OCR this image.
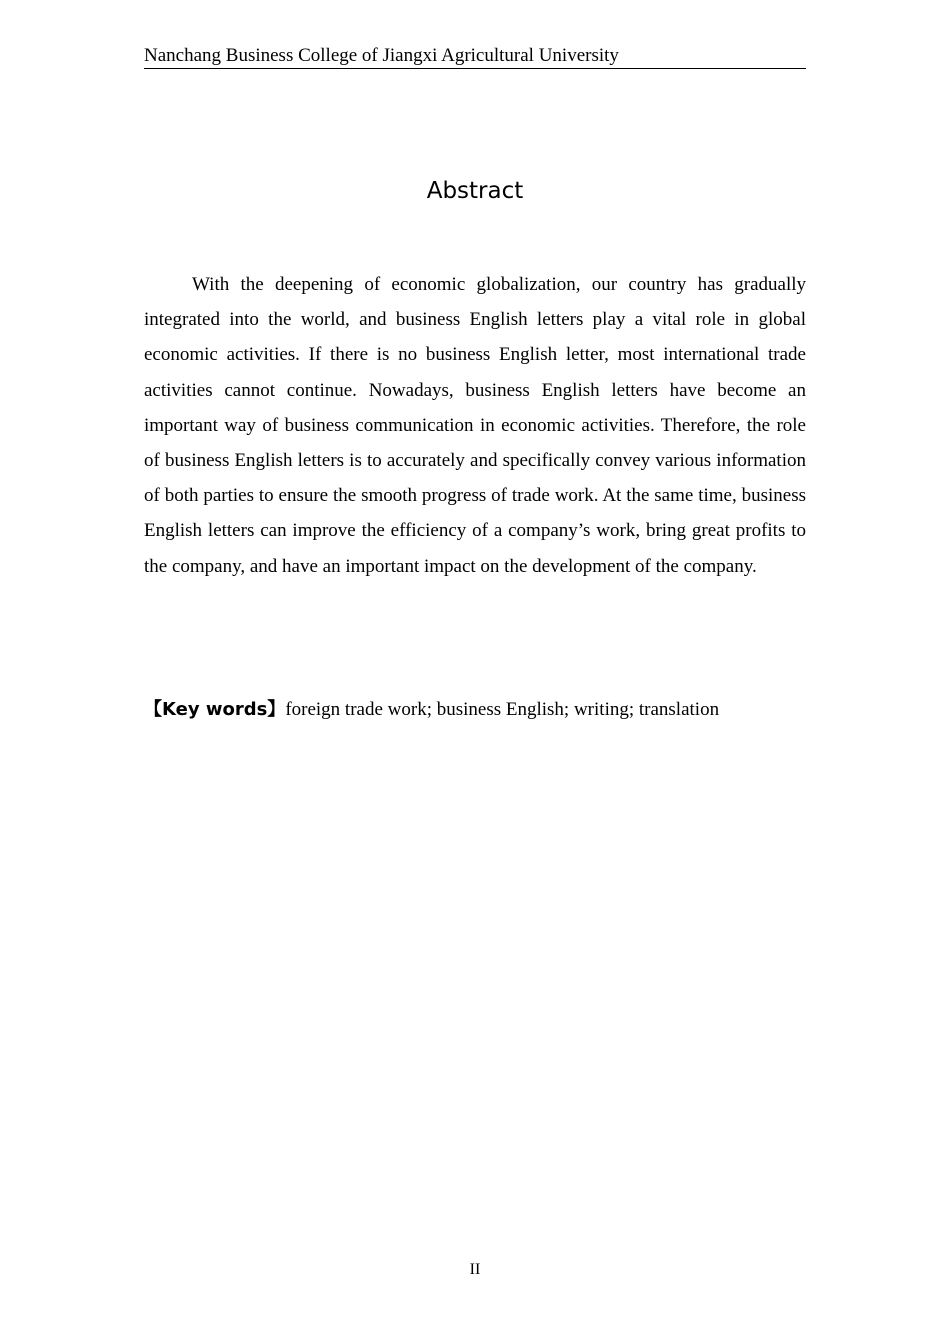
Nanchang Business College of Jiangxi Agricultural University
Abstract

With the deepening of economic globalization, our country has gradually integrated into the world, and business English letters play a vital role in global economic activities. If there is no business English letter, most international trade activities cannot continue. Nowadays, business English letters have become an important way of business communication in economic activities. Therefore, the role of business English letters is to accurately and specifically convey various information of both parties to ensure the smooth progress of trade work. At the same time, business English letters can improve the efficiency of a company’s work, bring great profits to the company, and have an important impact on the development of the company.

【Key words】foreign trade work; business English; writing; translation

II
